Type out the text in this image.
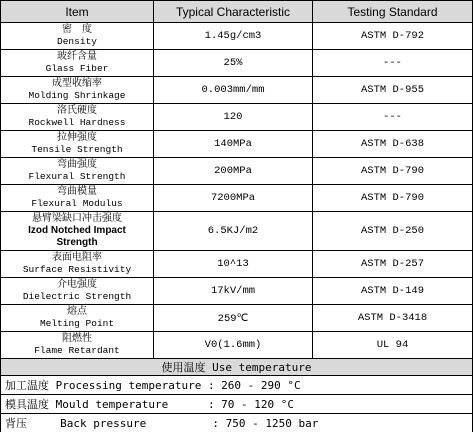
Item	Typical Characteristic	Testing Standard

密　度
Density	1.45g/cm3	ASTM D-792

玻纤含量
Glass Fiber	25%	---

成型收缩率
Molding Shrinkage	0.003mm/mm	ASTM D-955

洛氏硬度
Rockwell Hardness	120	---

拉伸强度
Tensile Strength	140MPa	ASTM D-638

弯曲强度
Flexural Strength	200MPa	ASTM D-790

弯曲模量
Flexural Modulus	7200MPa	ASTM D-790

悬臂梁缺口冲击强度
Izod Notched Impact Strength	6.5KJ/m2	ASTM D-250

表面电阻率
Surface Resistivity	10^13	ASTM D-257

介电强度
Dielectric Strength	17kV/mm	ASTM D-149

熔点
Melting Point	259℃	ASTM D-3418

阻燃性
Flame Retardant	V0(1.6mm)	UL 94
使用温度 Use temperature		
加工温度 Processing temperature : 260 - 290 °C		
模具温度 Mould temperature      : 70 - 120 °C		
背压     Back pressure          : 750 - 1250 bar		
